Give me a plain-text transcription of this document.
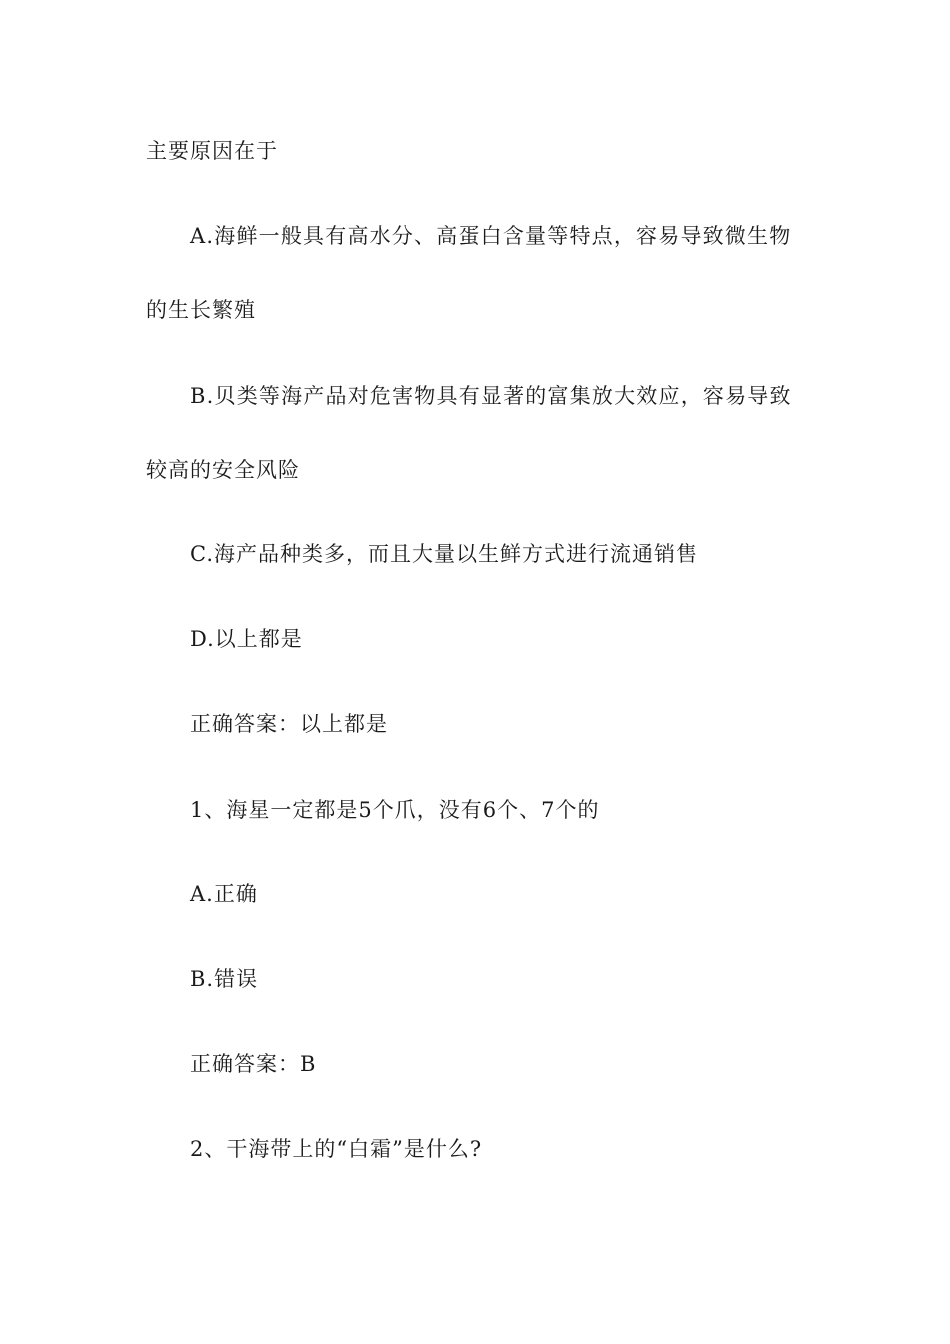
主要原因在于
A.海鲜一般具有高水分、高蛋白含量等特点，容易导致微生物
的生长繁殖
B.贝类等海产品对危害物具有显著的富集放大效应，容易导致
较高的安全风险
C.海产品种类多，而且大量以生鲜方式进行流通销售
D.以上都是
正确答案：以上都是
1、海星一定都是5个爪，没有6个、7个的
A.正确
B.错误
正确答案：B
2、干海带上的“白霜”是什么?
